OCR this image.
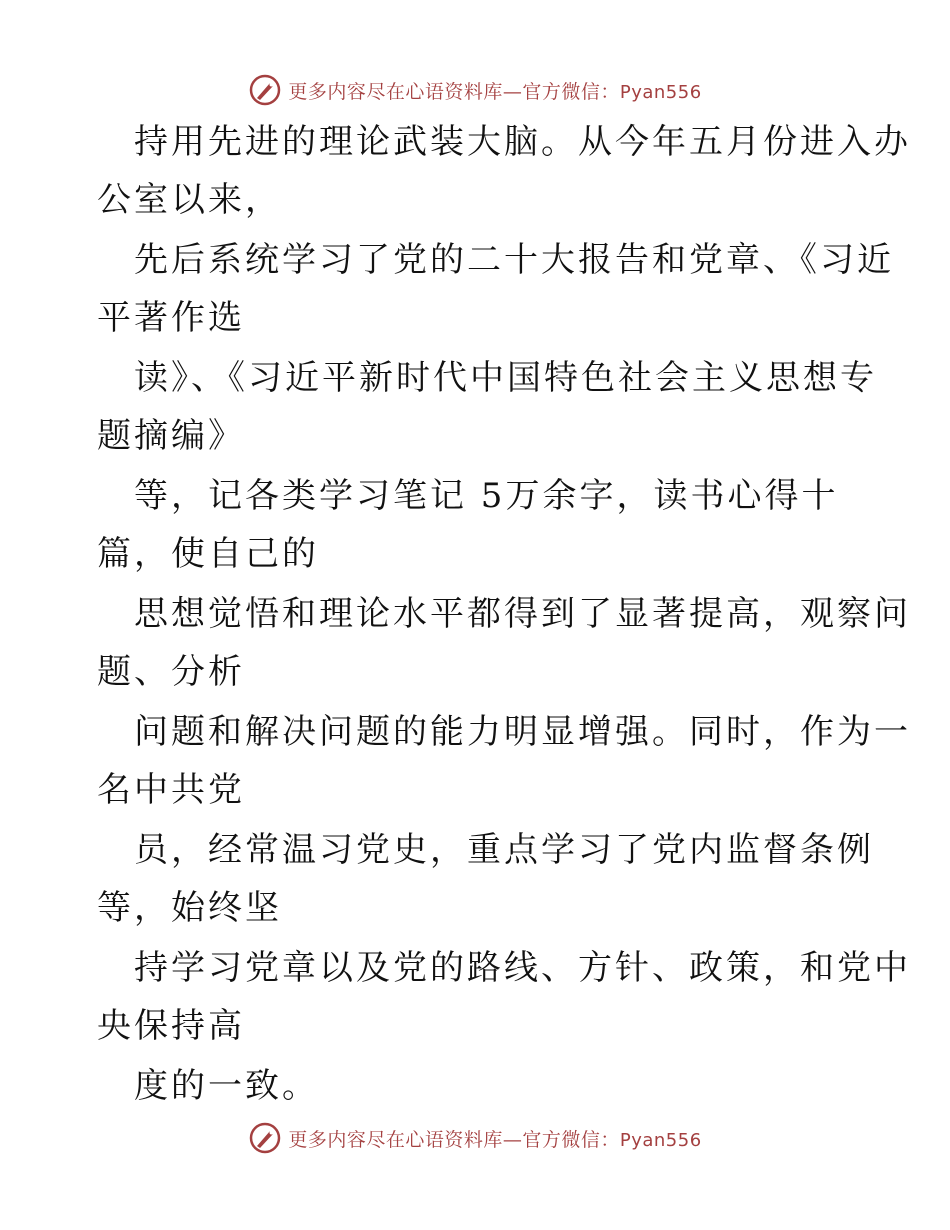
更多内容尽在心语资料库—官方微信：Pyan556
持用先进的理论武装大脑。从今年五月份进入办
公室以来，
先后系统学习了党的二十大报告和党章、《习近
平著作选
读》、《习近平新时代中国特色社会主义思想专
题摘编》
等，记各类学习笔记 5万余字，读书心得十
篇，使自己的
思想觉悟和理论水平都得到了显著提高，观察问
题、分析
问题和解决问题的能力明显增强。同时，作为一
名中共党
员，经常温习党史，重点学习了党内监督条例
等，始终坚
持学习党章以及党的路线、方针、政策，和党中
央保持高
度的一致。
更多内容尽在心语资料库—官方微信：Pyan556
